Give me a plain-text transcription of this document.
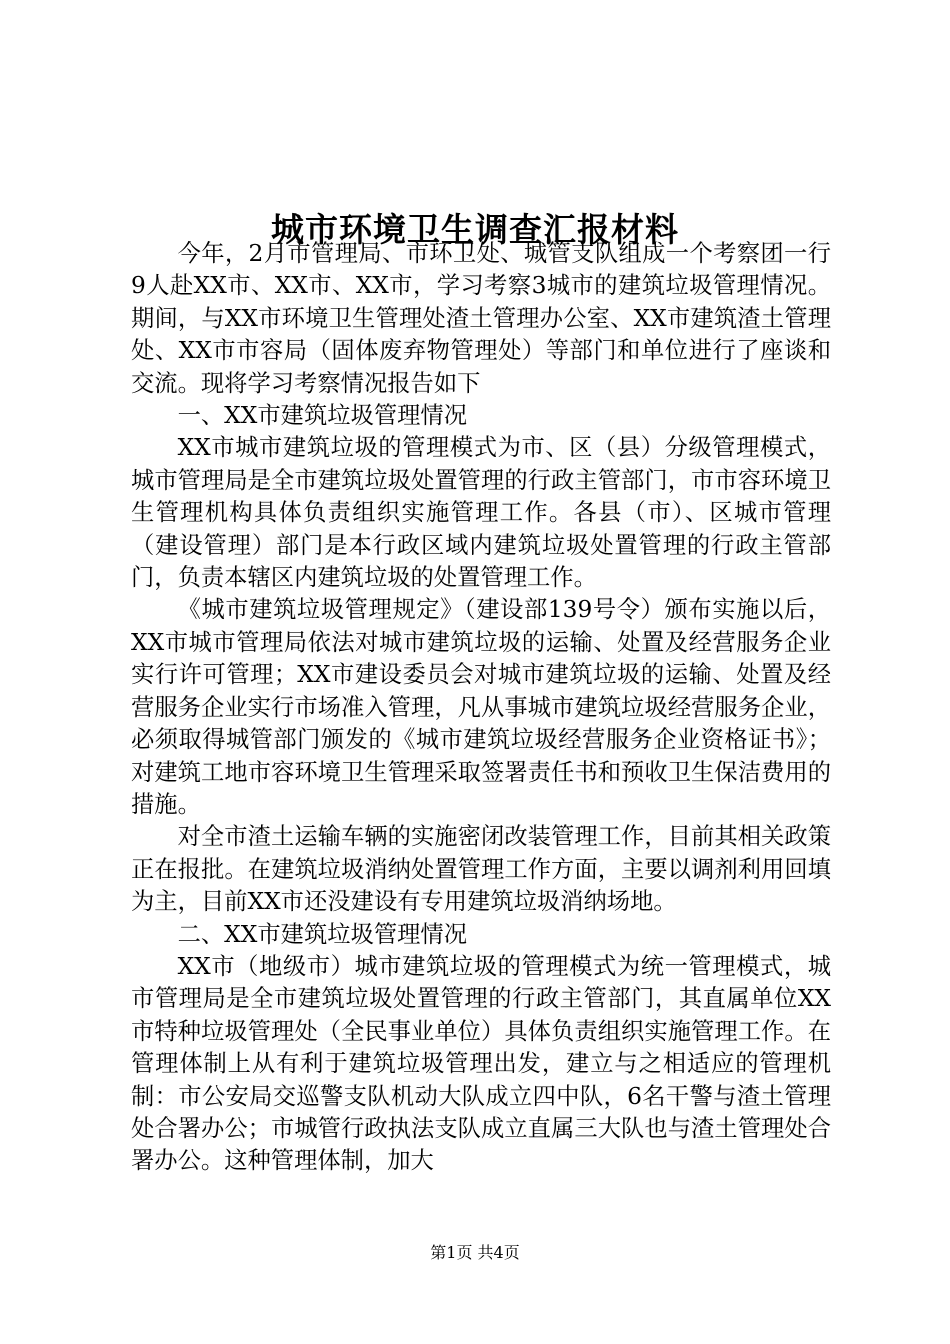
城市环境卫生调查汇报材料

今年，2月市管理局、市环卫处、城管支队组成一个考察团一行9人赴XX市、XX市、XX市，学习考察3城市的建筑垃圾管理情况。期间，与XX市环境卫生管理处渣土管理办公室、XX市建筑渣土管理处、XX市市容局（固体废弃物管理处）等部门和单位进行了座谈和交流。现将学习考察情况报告如下

一、XX市建筑垃圾管理情况

XX市城市建筑垃圾的管理模式为市、区（县）分级管理模式，城市管理局是全市建筑垃圾处置管理的行政主管部门，市市容环境卫生管理机构具体负责组织实施管理工作。各县（市）、区城市管理（建设管理）部门是本行政区域内建筑垃圾处置管理的行政主管部门，负责本辖区内建筑垃圾的处置管理工作。

《城市建筑垃圾管理规定》（建设部139号令）颁布实施以后，XX市城市管理局依法对城市建筑垃圾的运输、处置及经营服务企业实行许可管理；XX市建设委员会对城市建筑垃圾的运输、处置及经营服务企业实行市场准入管理，凡从事城市建筑垃圾经营服务企业，必须取得城管部门颁发的《城市建筑垃圾经营服务企业资格证书》；对建筑工地市容环境卫生管理采取签署责任书和预收卫生保洁费用的措施。

对全市渣土运输车辆的实施密闭改装管理工作，目前其相关政策正在报批。在建筑垃圾消纳处置管理工作方面，主要以调剂利用回填为主，目前XX市还没建设有专用建筑垃圾消纳场地。

二、XX市建筑垃圾管理情况

XX市（地级市）城市建筑垃圾的管理模式为统一管理模式，城市管理局是全市建筑垃圾处置管理的行政主管部门，其直属单位XX市特种垃圾管理处（全民事业单位）具体负责组织实施管理工作。在管理体制上从有利于建筑垃圾管理出发，建立与之相适应的管理机制：市公安局交巡警支队机动大队成立四中队，6名干警与渣土管理处合署办公；市城管行政执法支队成立直属三大队也与渣土管理处合署办公。这种管理体制，加大

第1页 共4页
